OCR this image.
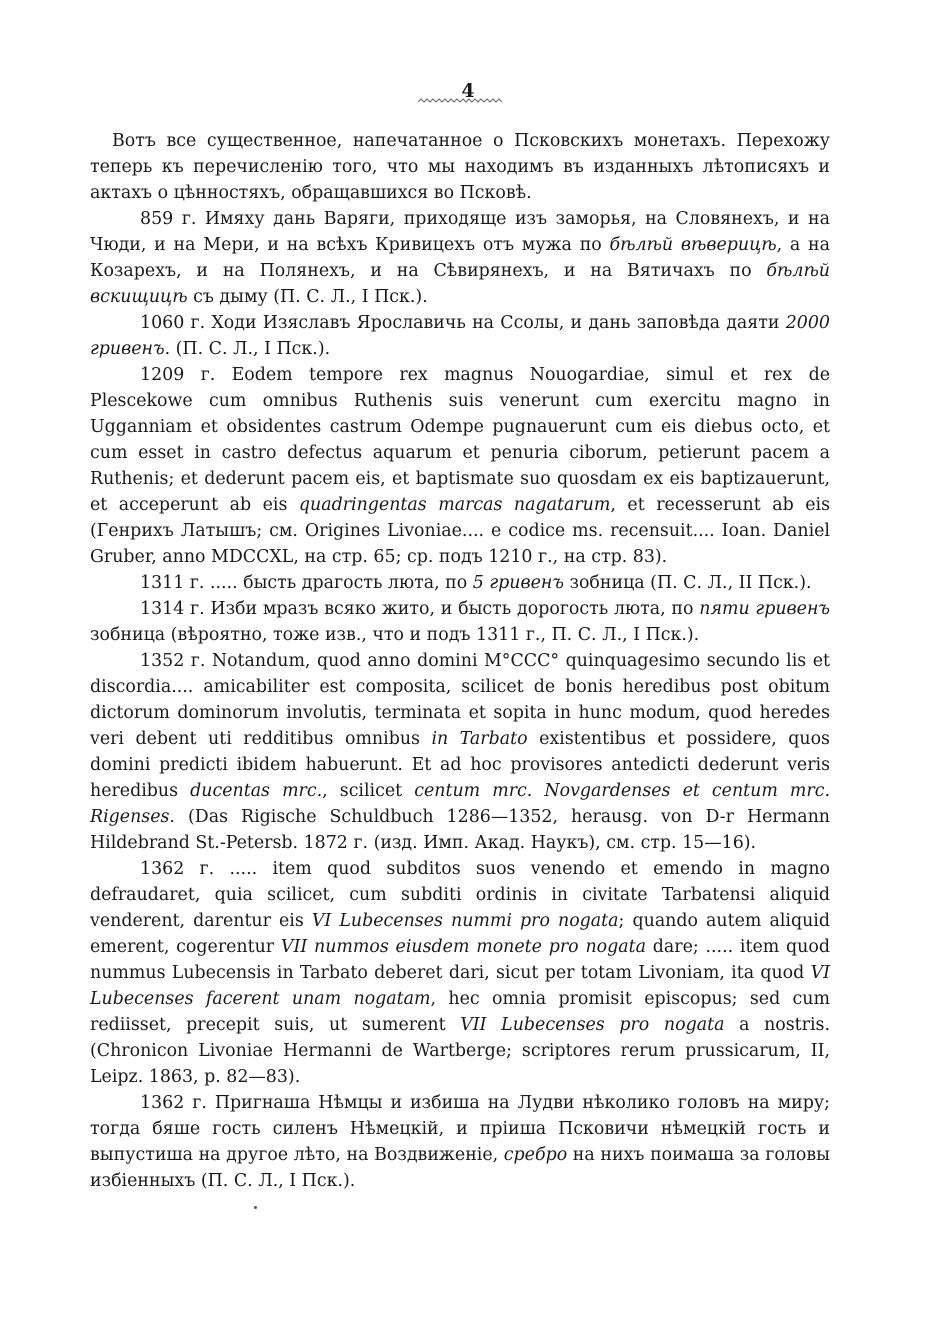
4

Вотъ все существенное, напечатанное о Псковскихъ монетахъ. Перехожу теперь къ перечисленію того, что мы находимъ въ изданныхъ лѣтописяхъ и актахъ о цѣнностяхъ, обращавшихся во Псковѣ.

859 г. Имяху дань Варяги, приходяще изъ заморья, на Словянехъ, и на Чюди, и на Мери, и на всѣхъ Кривицехъ отъ мужа по бѣлѣй вѣверицѣ, а на Козарехъ, и на Полянехъ, и на Сѣвирянехъ, и на Вятичахъ по бѣлѣй вскищицѣ съ дыму (П. С. Л., I Пск.).

1060 г. Ходи Изяславъ Ярославичь на Ссолы, и дань заповѣда даяти 2000 гривенъ. (П. С. Л., I Пск.).

1209 г. Eodem tempore rex magnus Nouogardiae, simul et rex de Plescekowe cum omnibus Ruthenis suis venerunt cum exercitu magno in Ugganniam et obsidentes castrum Odempe pugnauerunt cum eis diebus octo, et cum esset in castro defectus aquarum et penuria ciborum, petierunt pacem a Ruthenis; et dederunt pacem eis, et baptismate suo quosdam ex eis baptizauerunt, et acceperunt ab eis quadringentas marcas nagatarum, et recesserunt ab eis (Генрихъ Латышъ; см. Origines Livoniae.... e codice ms. recensuit.... Ioan. Daniel Gruber, anno MDCCXL, на стр. 65; ср. подъ 1210 г., на стр. 83).

1311 г. ..... бысть драгость люта, по 5 гривенъ зобница (П. С. Л., II Пск.).

1314 г. Изби мразъ всяко жито, и бысть дорогость люта, по пяти гривенъ зобница (вѣроятно, тоже изв., что и подъ 1311 г., П. С. Л., I Пск.).

1352 г. Notandum, quod anno domini M°CCC° quinquagesimo secundo lis et discordia.... amicabiliter est composita, scilicet de bonis heredibus post obitum dictorum dominorum involutis, terminata et sopita in hunc modum, quod heredes veri debent uti redditibus omnibus in Tarbato existentibus et possidere, quos domini predicti ibidem habuerunt. Et ad hoc provisores antedicti dederunt veris heredibus ducentas mrc., scilicet centum mrc. Novgardenses et centum mrc. Rigenses. (Das Rigische Schuldbuch 1286—1352, herausg. von D-r Hermann Hildebrand St.-Petersb. 1872 г. (изд. Имп. Акад. Наукъ), см. стр. 15—16).

1362 г. ..... item quod subditos suos venendo et emendo in magno defraudaret, quia scilicet, cum subditi ordinis in civitate Tarbatensi aliquid venderent, darentur eis VI Lubecenses nummi pro nogata; quando autem aliquid emerent, cogerentur VII nummos eiusdem monete pro nogata dare; ..... item quod nummus Lubecensis in Tarbato deberet dari, sicut per totam Livoniam, ita quod VI Lubecenses facerent unam nogatam, hec omnia promisit episcopus; sed cum rediisset, precepit suis, ut sumerent VII Lubecenses pro nogata a nostris. (Chronicon Livoniae Hermanni de Wartberge; scriptores rerum prussicarum, II, Leipz. 1863, p. 82—83).

1362 г. Пригнаша Нѣмцы и избиша на Лудви нѣколико головъ на миру; тогда бяше гость силенъ Нѣмецкій, и пріиша Псковичи нѣмецкій гость и выпустиша на другое лѣто, на Воздвиженіе, сребро на нихъ поимаша за головы избіенныхъ (П. С. Л., I Пск.).
